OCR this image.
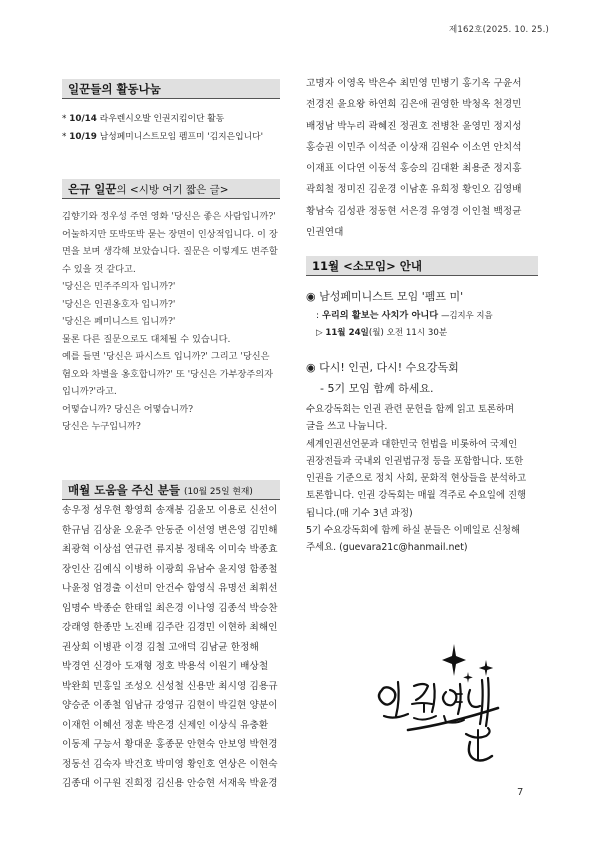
제162호(2025. 10. 25.)
일꾼들의 활동나눔
* 10/14 라우렌시오발 인권지킴이단 활동
* 10/19 남성페미니스트모임 펨프미 '김지은입니다'
은규 일꾼의 <시방 여기 짧은 글>

김향기와 정우성 주연 영화 '당신은 좋은 사람입니까?'

어눌하지만 또박또박 묻는 장면이 인상적입니다. 이 장

면을 보며 생각해 보았습니다. 질문은 이렇게도 변주할

수 있을 것 같다고.

'당신은 민주주의자 입니까?'

'당신은 인권옹호자 입니까?'

'당신은 페미니스트 입니까?'

물론 다른 질문으로도 대체될 수 있습니다.

예를 들면 '당신은 파시스트 입니까?' 그리고 '당신은

혐오와 차별을 옹호합니까?' 또 '당신은 가부장주의자

입니까?'라고.

어떻습니까? 당신은 어떻습니까?

당신은 누구입니까?

매월 도움을 주신 분들 (10월 25일 현재)

송우정 성우현 황영희 송재봉 김윤모 이용로 신선이

한규님 김상윤 오윤주 안동준 이선영 변은영 김민해

최광혁 이상섭 연규련 류지봉 정태옥 이미숙 박종효

장인산 김예식 이병하 이광희 유남수 윤지영 함종철

나윤정 엄경출 이선미 안건수 함영식 유명선 최휘선

임명수 박종순 한태일 최은경 이나영 김종석 박승찬

강래영 한종만 노진배 김주란 김경민 이현하 최해인

권상희 이병관 이경 김철 고애덕 김남균 한정해

박경연 신경아 도재형 정호 박용석 이원기 배상철

박완희 민홍일 조성오 신성철 신용만 최시영 김용규

양승준 이종철 임남규 강영규 김현이 박길현 양분이

이재헌 이혜선 정훈 박은경 신제인 이상식 유충환

이동제 구능서 황대운 홍종문 안현숙 안보영 박현경

정동선 김숙자 박건호 박미영 황인호 연상은 이현숙

김종대 이구원 진희정 김신용 안승현 서재욱 박윤경

고명자 이영옥 박은수 최민영 민병기 홍기옥 구윤서

전경진 윤요왕 하연희 김은애 권영한 박청옥 천경민

배정남 박누리 곽혜진 정권호 전병찬 윤영민 정지성

홍승권 이민주 이석준 이상재 김원수 이소연 안치석

이재표 이다연 이동석 홍승의 김대환 최용준 정지홍

곽희철 정미진 김운경 이남훈 유희정 황인오 김영배

황남숙 김성관 정동현 서은경 유영경 이인철 백정균

인권연대

11월 <소모임> 안내
◉ 남성페미니스트 모임 '펨프 미'
: 우리의 활보는 사치가 아니다 —김지우 지음
▷ 11월 24일(월) 오전 11시 30분
◉ 다시! 인권, 다시! 수요강독회
- 5기 모임 함께 하세요.

수요강독회는 인권 관련 문헌을 함께 읽고 토론하며

글을 쓰고 나눕니다.

세계인권선언문과 대한민국 헌법을 비롯하여 국제인

권장전들과 국내외 인권법규정 등을 포함합니다. 또한

인권을 기준으로 정치 사회, 문화적 현상들을 분석하고

토론합니다. 인권 강독회는 매월 격주로 수요일에 진행

됩니다.(매 기수 3년 과정)

5기 수요강독회에 함께 하실 분들은 이메일로 신청해

주세요. (guevara21c@hanmail.net)

7
